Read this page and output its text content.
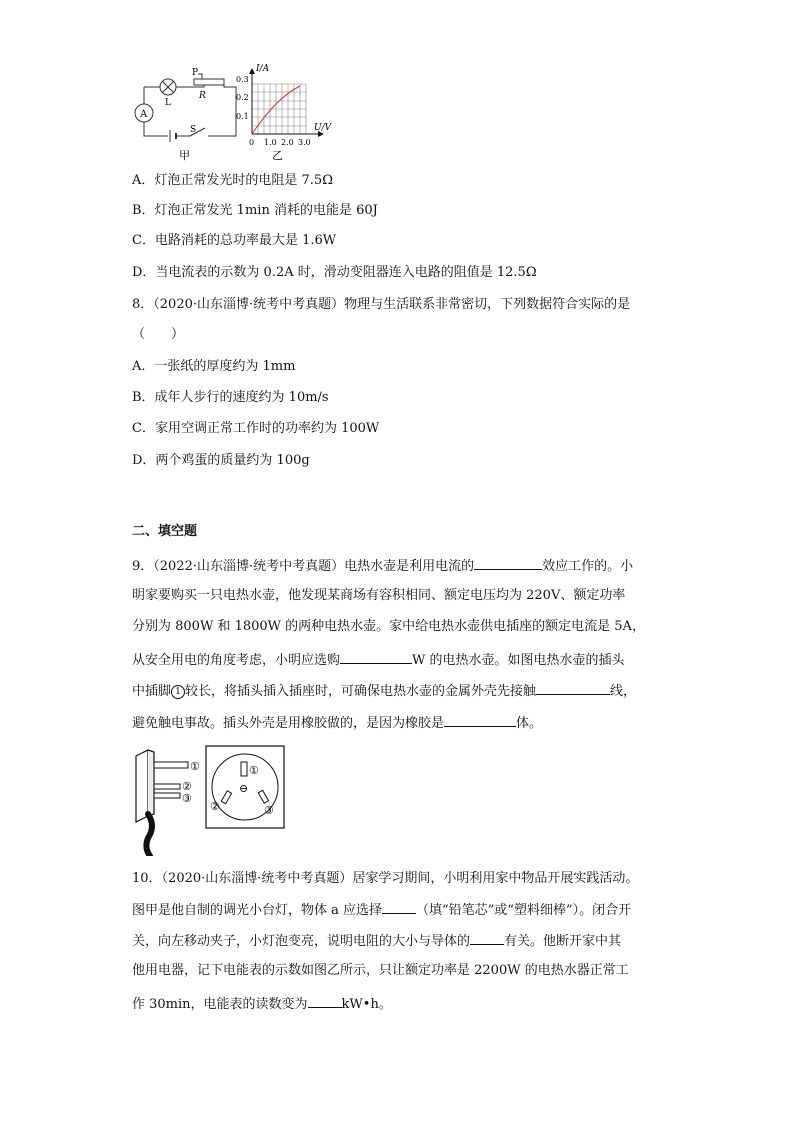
A
L
P
R
S
甲
I/A
U/V
0.3
0.2
0.1
0 1.0 2.0 3.0
乙
A．灯泡正常发光时的电阻是 7.5Ω
B．灯泡正常发光 1min 消耗的电能是 60J
C．电路消耗的总功率最大是 1.6W
D．当电流表的示数为 0.2A 时，滑动变阻器连入电路的阻值是 12.5Ω
8．（2020·山东淄博·统考中考真题）物理与生活联系非常密切，下列数据符合实际的是
（　　）
A．一张纸的厚度约为 1mm
B．成年人步行的速度约为 10m/s
C．家用空调正常工作时的功率约为 100W
D．两个鸡蛋的质量约为 100g
二、填空题
9．（2022·山东淄博·统考中考真题）电热水壶是利用电流的	效应工作的。小
明家要购买一只电热水壶，他发现某商场有容积相同、额定电压均为 220V、额定功率
分别为 800W 和 1800W 的两种电热水壶。家中给电热水壶供电插座的额定电流是 5A，
从安全用电的角度考虑，小明应选购	W 的电热水壶。如图电热水壶的插头
中插脚 1 较长，将插头插入插座时，可确保电热水壶的金属外壳先接触	线，
避免触电事故。插头外壳是用橡胶做的，是因为橡胶是	体。
①
②
③
⊖
①
②	③
10．（2020·山东淄博·统考中考真题）居家学习期间，小明利用家中物品开展实践活动。
图甲是他自制的调光小台灯，物体 a 应选择	（填“铅笔芯”或“塑料细棒”）。闭合开
关，向左移动夹子，小灯泡变亮，说明电阻的大小与导体的	有关。他断开家中其
他用电器，记下电能表的示数如图乙所示，只让额定功率是 2200W 的电热水器正常工
作 30min，电能表的读数变为	kW•h。
